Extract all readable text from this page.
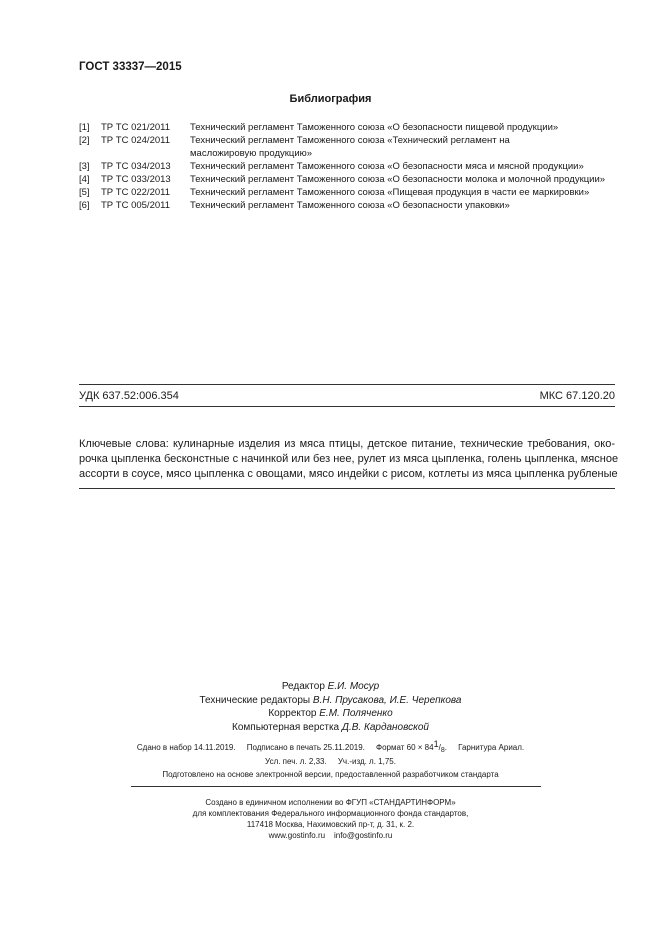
ГОСТ 33337—2015
Библиография
[1]	ТР ТС 021/2011	Технический регламент Таможенного союза «О безопасности пищевой продукции»
[2]	ТР ТС 024/2011	Технический регламент Таможенного союза «Технический регламент на масложировую продукцию»
[3]	ТР ТС 034/2013	Технический регламент Таможенного союза «О безопасности мяса и мясной продукции»
[4]	ТР ТС 033/2013	Технический регламент Таможенного союза «О безопасности молока и молочной продукции»
[5]	ТР ТС 022/2011	Технический регламент Таможенного союза «Пищевая продукция в части ее маркировки»
[6]	ТР ТС 005/2011	Технический регламент Таможенного союза «О безопасности упаковки»
УДК 637.52:006.354	МКС 67.120.20
Ключевые слова: кулинарные изделия из мяса птицы, детское питание, технические требования, око-
рочка цыпленка бесконстные с начинкой или без нее, рулет из мяса цыпленка, голень цыпленка, мясное
ассорти в соусе, мясо цыпленка с овощами, мясо индейки с рисом, котлеты из мяса цыпленка рубленые
Редактор Е.И. Мосур
Технические редакторы В.Н. Прусакова, И.Е. Черепкова
Корректор Е.М. Поляченко
Компьютерная верстка Д.В. Кардановской
Сдано в набор 14.11.2019. Подписано в печать 25.11.2019. Формат 60 × 841/8.     Гарнитура Ариал.
Усл. печ. л. 2,33. Уч.-изд. л. 1,75.
Подготовлено на основе электронной версии, предоставленной разработчиком стандарта
Создано в единичном исполнении во ФГУП «СТАНДАРТИНФОРМ»
для комплектования Федерального информационного фонда стандартов,
117418 Москва, Нахимовский пр-т, д. 31, к. 2.
www.gostinfo.ru info@gostinfo.ru
